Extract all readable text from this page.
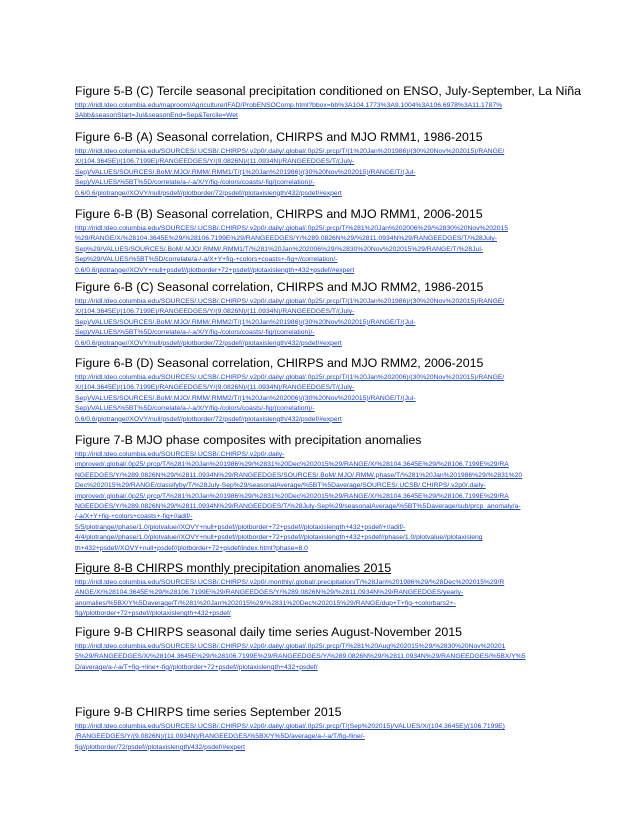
Figure 5-B (C) Tercile seasonal precipitation conditioned on ENSO, July-September, La Niña
http://iridl.ldeo.columbia.edu/maproom/Agriculture/IFAD/ProbENSOComp.html?bbox=bb%3A104.1773%3A9.1004%3A106.6978%3A11.1787%
3Abb&seasonStart=Jul&seasonEnd=Sep&Tercile=Wet
Figure 6-B (A) Seasonal correlation, CHIRPS and MJO RMM1, 1986-2015
http://iridl.ldeo.columbia.edu/SOURCES/.UCSB/.CHIRPS/.v2p0/.daily/.global/.0p25/.prcp/T/(1%20Jan%201986)/(30%20Nov%202015)/RANGE/
X/(104.3645E)/(106.7199E)/RANGEEDGES/Y/(9.0826N)/(11.0934N)/RANGEEDGES/T/(July-
Sep)/VALUES/SOURCES/.BoM/.MJO/.RMM/.RMM1/T/(1%20Jan%201986)/(30%20Nov%202015)/RANGE/T/(Jul-
Sep)/VALUES/%5BT%5D/correlate/a-/-a/X/Y/fig-/colors/coasts/-fig/(correlation)/-
0.6/0.6/plotrange//XOVY/null/psdef//plotborder/72/psdef//plotaxislength/432/psdef/#expert
Figure 6-B (B) Seasonal correlation, CHIRPS and MJO RMM1, 2006-2015
http://iridl.ldeo.columbia.edu/SOURCES/.UCSB/.CHIRPS/.v2p0/.daily/.global/.0p25/.prcp/T/%281%20Jan%202006%29/%2830%20Nov%202015
%29/RANGE/X/%28104.3645E%29/%28106.7199E%29/RANGEEDGES/Y/%289.0826N%29/%2811.0934N%29/RANGEEDGES/T/%28July-
Sep%29/VALUES/SOURCES/.BoM/.MJO/.RMM/.RMM1/T/%281%20Jan%202006%29/%2830%20Nov%202015%29/RANGE/T/%28Jul-
Sep%29/VALUES/%5BT%5D/correlate/a-/-a/X+Y+fig-+colors+coasts+-fig+//correlation/-
0.6/0.6/plotrange//XOVY+null+psdef//plotborder+72+psdef//plotaxislength+432+psdef/#expert
Figure 6-B (C) Seasonal correlation, CHIRPS and MJO RMM2, 1986-2015
http://iridl.ldeo.columbia.edu/SOURCES/.UCSB/.CHIRPS/.v2p0/.daily/.global/.0p25/.prcp/T/(1%20Jan%201986)/(30%20Nov%202015)/RANGE/
X/(104.3645E)/(106.7199E)/RANGEEDGES/Y/(9.0826N)/(11.0934N)/RANGEEDGES/T/(July-
Sep)/VALUES/SOURCES/.BoM/.MJO/.RMM/.RMM2/T/(1%20Jan%201986)/(30%20Nov%202015)/RANGE/T/(Jul-
Sep)/VALUES/%5BT%5D/correlate/a-/-a/X/Y/fig-/colors/coasts/-fig/(correlation)/-
0.6/0.6/plotrange//XOVY/null/psdef//plotborder/72/psdef//plotaxislength/432/psdef/#expert
Figure 6-B (D) Seasonal correlation, CHIRPS and MJO RMM2, 2006-2015
http://iridl.ldeo.columbia.edu/SOURCES/.UCSB/.CHIRPS/.v2p0/.daily/.global/.0p25/.prcp/T/(1%20Jan%202006)/(30%20Nov%202015)/RANGE/
X/(104.3645E)/(106.7199E)/RANGEEDGES/Y/(9.0826N)/(11.0934N)/RANGEEDGES/T/(July-
Sep)/VALUES/SOURCES/.BoM/.MJO/.RMM/.RMM2/T/(1%20Jan%202006)/(30%20Nov%202015)/RANGE/T/(Jul-
Sep)/VALUES/%5BT%5D/correlate/a-/-a/X/Y/fig-/colors/coasts/-fig/(correlation)/-
0.6/0.6/plotrange//XOVY/null/psdef//plotborder/72/psdef//plotaxislength/432/psdef/#expert
Figure 7-B MJO phase composites with precipitation anomalies
http://iridl.ldeo.columbia.edu/SOURCES/.UCSB/.CHIRPS/.v2p0/.daily-
improved/.global/.0p25/.prcp/T/%281%20Jan%201986%29/%2831%20Dec%202015%29/RANGE/X/%28104.3645E%29/%28106.7199E%29/RA
NGEEDGES/Y/%289.0826N%29/%2811.0934N%29/RANGEEDGES/SOURCES/.BoM/.MJO/.RMM/.phase/T/%281%20Jan%201986%29/%2831%20
Dec%202015%29/RANGE/classifyby/T/%28July-Sep%29/seasonalAverage/%5BT%5Daverage/SOURCES/.UCSB/.CHIRPS/.v2p0/.daily-
improved/.global/.0p25/.prcp/T/%281%20Jan%201986%29/%2831%20Dec%202015%29/RANGE/X/%28104.3645E%29/%28106.7199E%29/RA
NGEEDGES/Y/%289.0826N%29/%2811.0934N%29/RANGEEDGES/T/%28July-Sep%29/seasonalAverage/%5BT%5Daverage/sub/prcp_anomaly/a-
/-a/X+Y+fig-+colors+coasts+-fig+//adif/-
5/5/plotrange//phase/1.0/plotvalue//XOVY+null+psdef//plotborder+72+psdef//plotaxislength+432+psdef/+//adif/-
4/4/plotrange//phase/1.0/plotvalue//XOVY+null+psdef//plotborder+72+psdef//plotaxislength+432+psdef//phase/1.0/plotvalue//plotaxisleng
th+432+psdef//XOVY+null+psdef//plotborder+72+psdef/index.html?phase=8.0
Figure 8-B CHIRPS monthly precipitation anomalies 2015
http://iridl.ldeo.columbia.edu/SOURCES/.UCSB/.CHIRPS/.v2p0/.monthly/.global/.precipitation/T/%28Jan%201986%29/%28Dec%202015%29/R
ANGE/X/%28104.3645E%29/%28106.7199E%29/RANGEEDGES/Y/%289.0826N%29/%2811.0934N%29/RANGEEDGES/yearly-
anomalies/%5BX/Y%5Daverage/T/%281%20Jan%202015%29/%2831%20Dec%202015%29/RANGE/dup+T+fig-+colorbars2+-
fig//plotborder+72+psdef//plotaxislength+432+psdef/
Figure 9-B CHIRPS seasonal daily time series August-November 2015
http://iridl.ldeo.columbia.edu/SOURCES/.UCSB/.CHIRPS/.v2p0/.daily/.global/.0p25/.prcp/T/%281%20Aug%202015%29/%2830%20Nov%20201
5%29/RANGEEDGES/X/%28104.3645E%29/%28106.7199E%29/RANGEEDGES/Y/%289.0826N%29/%2811.0934N%29/RANGEEDGES/%5BX/Y%5
D/average/a-/-a/T+fig-+line+-fig//plotborder+72+psdef//plotaxislength+432+psdef/
Figure 9-B CHIRPS time series September 2015
http://iridl.ldeo.columbia.edu/SOURCES/.UCSB/.CHIRPS/.v2p0/.daily/.global/.0p25/.prcp/T/(Sep%202015)/VALUES/X/(104.3645E)/(106.7199E)
/RANGEEDGES/Y/(9.0826N)/(11.0934N)/RANGEEDGES/%5BX/Y%5D/average/a-/-a/T/fig-/line/-
fig//plotborder/72/psdef//plotaxislength/432/psdef/#expert
